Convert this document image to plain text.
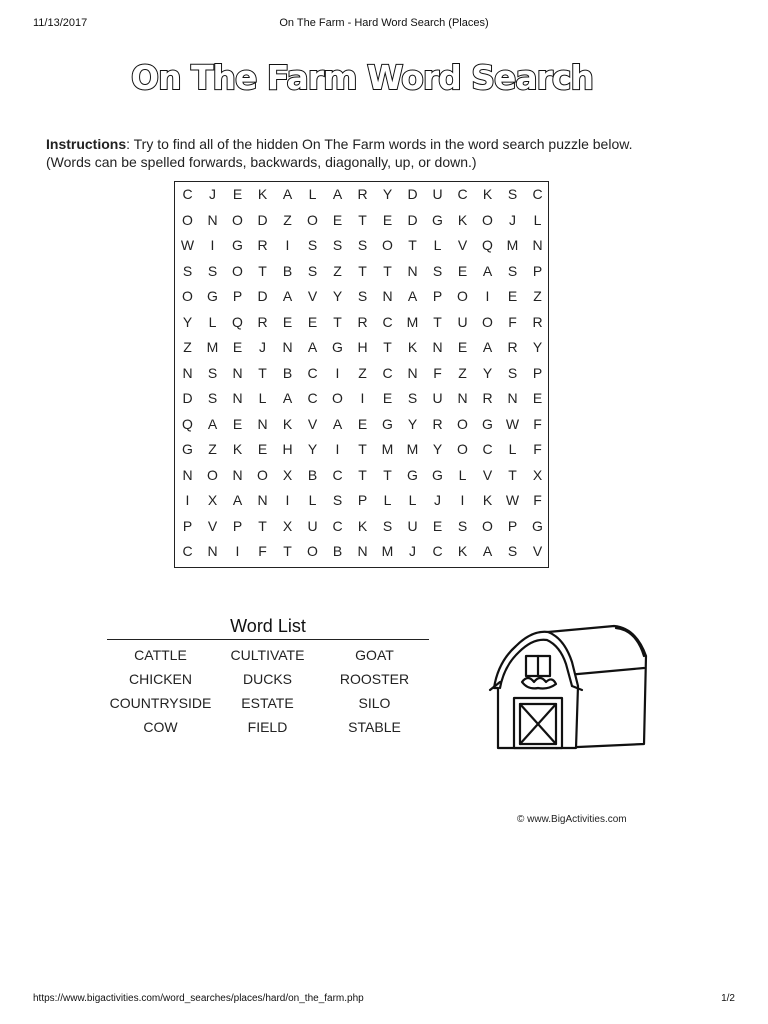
11/13/2017	On The Farm - Hard Word Search (Places)
On The Farm Word Search
Instructions: Try to find all of the hidden On The Farm words in the word search puzzle below.
(Words can be spelled forwards, backwards, diagonally, up, or down.)
C	J	E	K	A	L	A	R	Y	D	U	C	K	S	C
O	N	O	D	Z	O	E	T	E	D	G	K	O	J	L
W	I	G	R	I	S	S	S	O	T	L	V	Q M	N
S	S	O	T	B	S	Z	T	T	N	S	E	A	S	P
O	G	P	D	A	V	Y	S	N	A	P	O	I	E	Z
Y	L	Q	R	E	E	T	R	C	M	T	U	O	F	R
Z	M	E	J	N	A	G	H	T	K	N	E	A	R	Y
N	S	N	T	B	C	I	Z	C	N	F	Z	Y	S	P
D	S	N	L	A	C	O	I	E	S	U	N	R	N	E
Q	A	E	N	K	V	A	E	G	Y	R	O	G W	F
G	Z	K	E	H	Y	I	T	M M	Y	O	C	L	F
N	O	N	O	X	B	C	T	T	G	G	L	V	T	X
I	X	A	N	I	L	S	P	L	L	J	I	K W	F
P	V	P	T	X	U	C	K	S	U	E	S	O	P	G
C	N	I	F	T	O	B	N	M	J	C	K	A	S	V
Word List
CATTLE	CULTIVATE	GOAT
CHICKEN	DUCKS	ROOSTER
COUNTRYSIDE	ESTATE	SILO
COW	FIELD	STABLE
© www.BigActivities.com
https://www.bigactivities.com/word_searches/places/hard/on_the_farm.php	1/2
